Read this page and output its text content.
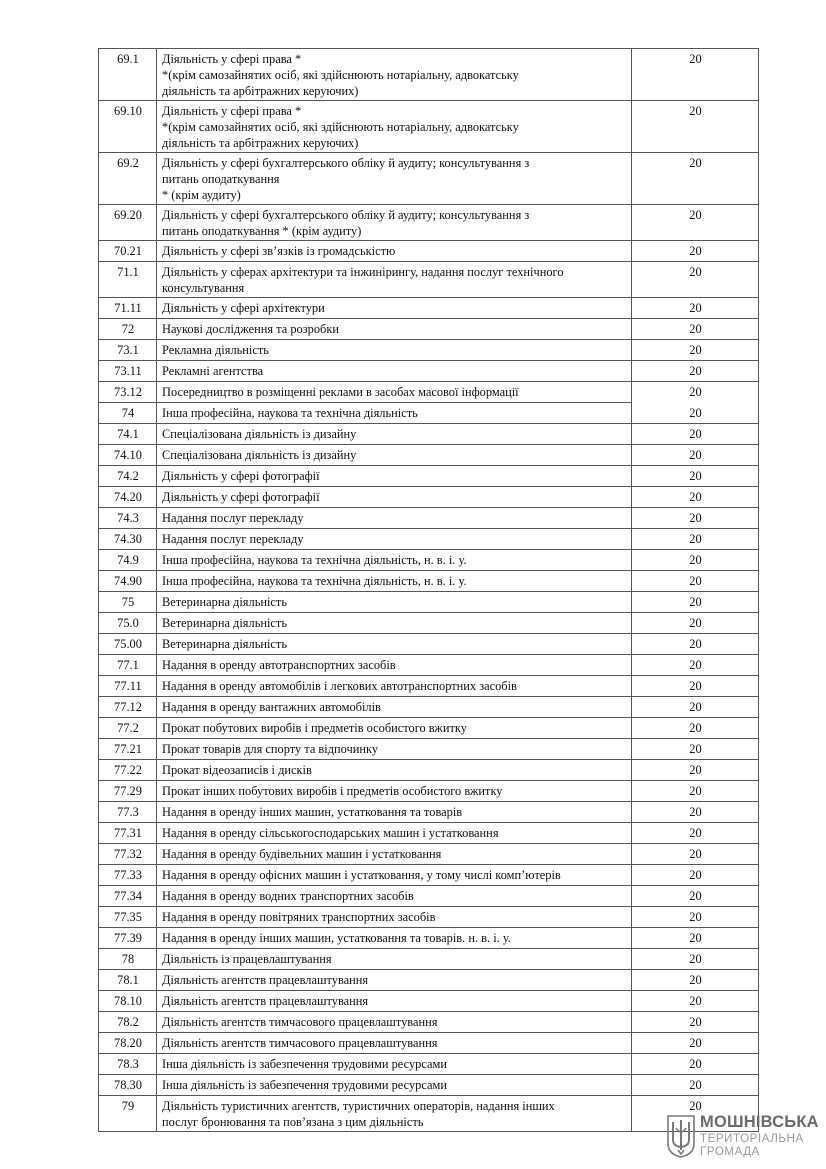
69.1	Діяльність у сфері права *
*(крім самозайнятих осіб, які здійснюють нотаріальну, адвокатську
діяльність та арбітражних керуючих)	20
69.10	Діяльність у сфері права *
*(крім самозайнятих осіб, які здійснюють нотаріальну, адвокатську
діяльність та арбітражних керуючих)	20
69.2	Діяльність у сфері бухгалтерського обліку й аудиту; консультування з
питань оподаткування
* (крім аудиту)	20
69.20	Діяльність у сфері бухгалтерського обліку й аудиту; консультування з
питань оподаткування * (крім аудиту)	20
70.21	Діяльність у сфері зв’язків із громадськістю	20
71.1	Діяльність у сферах архітектури та інжинірингу, надання послуг технічного
консультування	20
71.11	Діяльність у сфері архітектури	20
72	Наукові дослідження та розробки	20
73.1	Рекламна діяльність	20
73.11	Рекламні агентства	20
73.12	Посередництво в розміщенні реклами в засобах масової інформації	20
74	Інша професійна, наукова та технічна діяльність	20
74.1	Спеціалізована діяльність із дизайну	20
74.10	Спеціалізована діяльність із дизайну	20
74.2	Діяльність у сфері фотографії	20
74.20	Діяльність у сфері фотографії	20
74.3	Надання послуг перекладу	20
74.30	Надання послуг перекладу	20
74.9	Інша професійна, наукова та технічна діяльність, н. в. і. у.	20
74.90	Інша професійна, наукова та технічна діяльність, н. в. і. у.	20
75	Ветеринарна діяльність	20
75.0	Ветеринарна діяльність	20
75.00	Ветеринарна діяльність	20
77.1	Надання в оренду автотранспортних засобів	20
77.11	Надання в оренду автомобілів і легкових автотранспортних засобів	20
77.12	Надання в оренду вантажних автомобілів	20
77.2	Прокат побутових виробів і предметів особистого вжитку	20
77.21	Прокат товарів для спорту та відпочинку	20
77.22	Прокат відеозаписів і дисків	20
77.29	Прокат інших побутових виробів і предметів особистого вжитку	20
77.3	Надання в оренду інших машин, устатковання та товарів	20
77.31	Надання в оренду сільськогосподарських машин і устатковання	20
77.32	Надання в оренду будівельних машин і устатковання	20
77.33	Надання в оренду офісних машин і устатковання, у тому числі комп’ютерів	20
77.34	Надання в оренду водних транспортних засобів	20
77.35	Надання в оренду повітряних транспортних засобів	20
77.39	Надання в оренду інших машин, устатковання та товарів. н. в. і. у.	20
78	Діяльність із працевлаштування	20
78.1	Діяльність агентств працевлаштування	20
78.10	Діяльність агентств працевлаштування	20
78.2	Діяльність агентств тимчасового працевлаштування	20
78.20	Діяльність агентств тимчасового працевлаштування	20
78.3	Інша діяльність із забезпечення трудовими ресурсами	20
78.30	Інша діяльність із забезпечення трудовими ресурсами	20
79	Діяльність туристичних агентств, туристичних операторів, надання інших
послуг бронювання та пов’язана з цим діяльність	20
МОШНІВСЬКА
ТЕРИТОРІАЛЬНА
ГРОМАДА
